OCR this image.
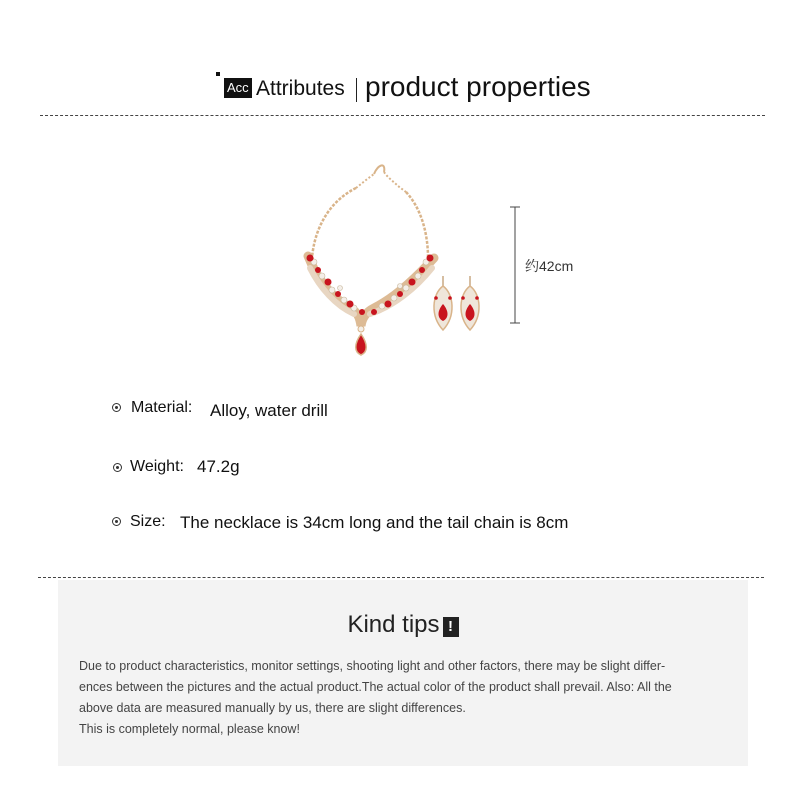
Acc Attributes product properties
约42cm
Material: Alloy, water drill
Weight: 47.2g
Size: The necklace is 34cm long and the tail chain is 8cm
Kind tips !

Due to product characteristics, monitor settings, shooting light and other factors, there may be slight differ-

ences between the pictures and the actual product.The actual color of the product shall prevail. Also: All the

above data are measured manually by us, there are slight differences.

This is completely normal, please know!
